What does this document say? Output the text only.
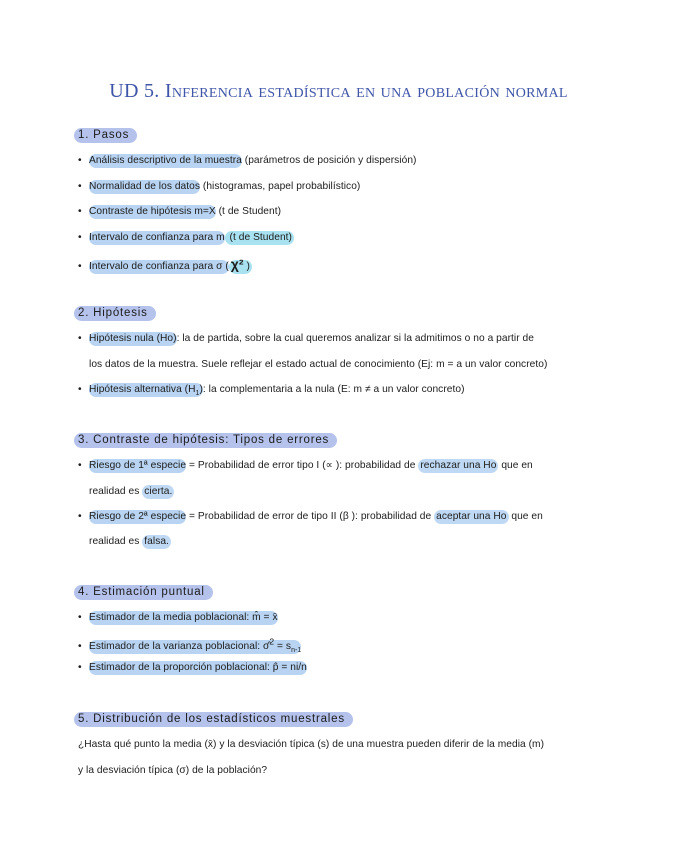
UD 5. Inferencia estadística en una población normal
1. Pasos
• Análisis descriptivo de la muestra (parámetros de posición y dispersión)
• Normalidad de los datos (histogramas, papel probabilístico)
• Contraste de hipótesis m=X (t de Student)
• Intervalo de confianza para m (t de Student)
• Intervalo de confianza para σ ( χ² )
2. Hipótesis
• Hipótesis nula (Ho): la de partida, sobre la cual queremos analizar si la admitimos o no a partir de
los datos de la muestra. Suele reflejar el estado actual de conocimiento (Ej: m = a un valor concreto)
• Hipótesis alternativa $(H_1)$: la complementaria a la nula (E: m ≠ a un valor concreto)
3. Contraste de hipótesis: Tipos de errores
• Riesgo de 1ª especie = Probabilidad de error tipo I (∝ ): probabilidad de rechazar una Ho que en
realidad es cierta.
• Riesgo de 2ª especie = Probabilidad de error de tipo II (β ): probabilidad de aceptar una Ho que en
realidad es falsa.
4. Estimación puntual
• Estimador de la media poblacional: m̂ = x̄
• Estimador de la varianza poblacional: σ̂$^2$ = $s_{n-1}$
• Estimador de la proporción poblacional: p̂ = ni/n
5. Distribución de los estadísticos muestrales
¿Hasta qué punto la media (x̄) y la desviación típica (s) de una muestra pueden diferir de la media (m)
y la desviación típica (σ) de la población?
